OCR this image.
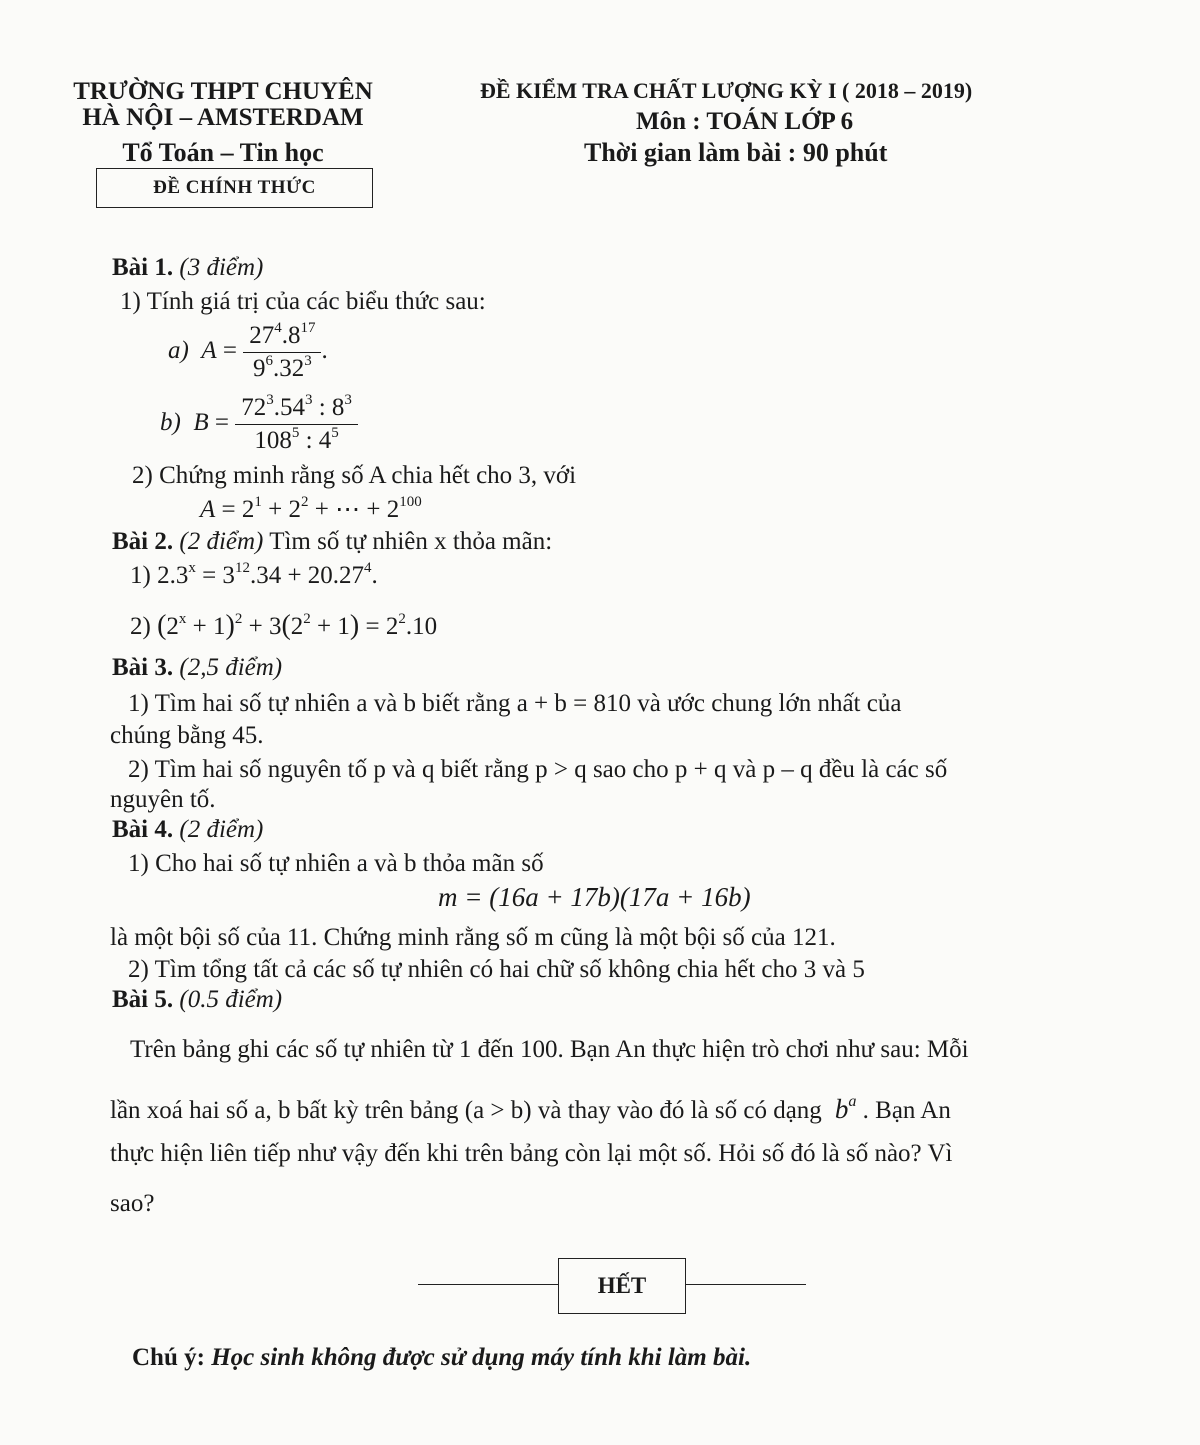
TRƯỜNG THPT CHUYÊN
HÀ NỘI – AMSTERDAM
Tổ Toán – Tin học
ĐỀ CHÍNH THỨC
ĐỀ KIỂM TRA CHẤT LƯỢNG KỲ I ( 2018 – 2019)
Môn : TOÁN LỚP 6
Thời gian làm bài : 90 phút
Bài 1. (3 điểm)
1) Tính giá trị của các biểu thức sau:
a)  $A = \frac{27^4.8^{17}}{9^6.32^3}$ .
b)  $B = \frac{72^3.54^3 : 8^3}{108^5 : 4^5}$
2) Chứng minh rằng số A chia hết cho 3, với
$A = 2^1 + 2^2$ + ⋯ + $2^{100}$
Bài 2. (2 điểm) Tìm số tự nhiên x thỏa mãn:
1) $2.3^x = 3^{12}.34 + 20.27^4$.
2) $(2^x + 1)^2 + 3(2^2 + 1) = 2^2.10$
Bài 3. (2,5 điểm)
1) Tìm hai số tự nhiên a và b biết rằng a + b = 810 và ước chung lớn nhất của
chúng bằng 45.
2) Tìm hai số nguyên tố p và q biết rằng p > q sao cho p + q và p – q đều là các số
nguyên tố.
Bài 4. (2 điểm)
1) Cho hai số tự nhiên a và b thỏa mãn số
m = (16a + 17b)(17a + 16b)
là một bội số của 11. Chứng minh rằng số m cũng là một bội số của 121.
2) Tìm tổng tất cả các số tự nhiên có hai chữ số không chia hết cho 3 và 5
Bài 5. (0.5 điểm)
Trên bảng ghi các số tự nhiên từ 1 đến 100. Bạn An thực hiện trò chơi như sau: Mỗi
lần xoá hai số a, b bất kỳ trên bảng (a > b) và thay vào đó là số có dạng  $b^a$ . Bạn An
thực hiện liên tiếp như vậy đến khi trên bảng còn lại một số. Hỏi số đó là số nào? Vì
sao?
HẾT
Chú ý: Học sinh không được sử dụng máy tính khi làm bài.
